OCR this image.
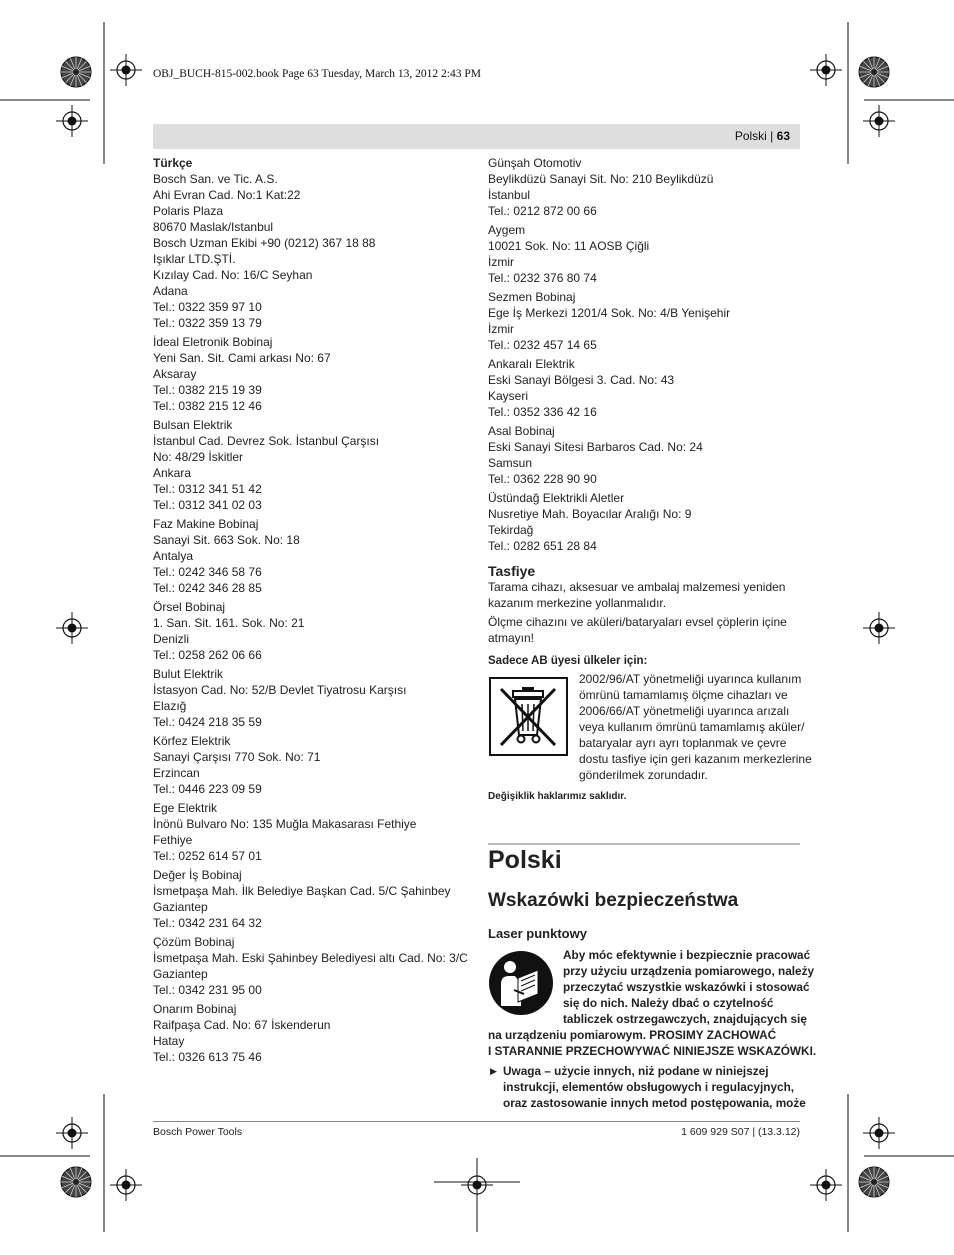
OBJ_BUCH-815-002.book Page 63 Tuesday, March 13, 2012 2:43 PM
Polski | 63

Türkçe

Bosch San. ve Tic. A.S.
Ahi Evran Cad. No:1 Kat:22
Polaris Plaza
80670 Maslak/Istanbul
Bosch Uzman Ekibi +90 (0212) 367 18 88
Işıklar LTD.ŞTİ.
Kızılay Cad. No: 16/C Seyhan
Adana
Tel.: 0322 359 97 10
Tel.: 0322 359 13 79
İdeal Eletronik Bobinaj
Yeni San. Sit. Cami arkası No: 67
Aksaray
Tel.: 0382 215 19 39
Tel.: 0382 215 12 46
Bulsan Elektrik
İstanbul Cad. Devrez Sok. İstanbul Çarşısı
No: 48/29 İskitler
Ankara
Tel.: 0312 341 51 42
Tel.: 0312 341 02 03
Faz Makine Bobinaj
Sanayi Sit. 663 Sok. No: 18
Antalya
Tel.: 0242 346 58 76
Tel.: 0242 346 28 85
Örsel Bobinaj
1. San. Sit. 161. Sok. No: 21
Denizli
Tel.: 0258 262 06 66
Bulut Elektrik
İstasyon Cad. No: 52/B Devlet Tiyatrosu Karşısı
Elazığ
Tel.: 0424 218 35 59
Körfez Elektrik
Sanayi Çarşısı 770 Sok. No: 71
Erzincan
Tel.: 0446 223 09 59
Ege Elektrik
İnönü Bulvaro No: 135 Muğla Makasarası Fethiye
Fethiye
Tel.: 0252 614 57 01
Değer İş Bobinaj
İsmetpaşa Mah. İlk Belediye Başkan Cad. 5/C Şahinbey
Gaziantep
Tel.: 0342 231 64 32
Çözüm Bobinaj
İsmetpaşa Mah. Eski Şahinbey Belediyesi altı Cad. No: 3/C
Gaziantep
Tel.: 0342 231 95 00
Onarım Bobinaj
Raifpaşa Cad. No: 67 İskenderun
Hatay
Tel.: 0326 613 75 46
Günşah Otomotiv
Beylikdüzü Sanayi Sit. No: 210 Beylikdüzü
İstanbul
Tel.: 0212 872 00 66
Aygem
10021 Sok. No: 11 AOSB Çiğli
İzmir
Tel.: 0232 376 80 74
Sezmen Bobinaj
Ege İş Merkezi 1201/4 Sok. No: 4/B Yenişehir
İzmir
Tel.: 0232 457 14 65
Ankaralı Elektrik
Eski Sanayi Bölgesi 3. Cad. No: 43
Kayseri
Tel.: 0352 336 42 16
Asal Bobinaj
Eski Sanayi Sitesi Barbaros Cad. No: 24
Samsun
Tel.: 0362 228 90 90
Üstündağ Elektrikli Aletler
Nusretiye Mah. Boyacılar Aralığı No: 9
Tekirdağ
Tel.: 0282 651 28 84

Tasfiye

Tarama cihazı, aksesuar ve ambalaj malzemesi yeniden
kazanım merkezine yollanmalıdır.

Ölçme cihazını ve aküleri/bataryaları evsel çöplerin içine
atmayın!

Sadece AB üyesi ülkeler için:

2002/96/AT yönetmeliği uyarınca kullanım
ömrünü tamamlamış ölçme cihazları ve
2006/66/AT yönetmeliği uyarınca arızalı
veya kullanım ömrünü tamamlamış aküler/
bataryalar ayrı ayrı toplanmak ve çevre
dostu tasfiye için geri kazanım merkezlerine
gönderilmek zorundadır.

Değişiklik haklarımız saklıdır.

Polski
Wskazówki bezpieczeństwa
Laser punktowy
Aby móc efektywnie i bezpiecznie pracować
przy użyciu urządzenia pomiarowego, należy
przeczytać wszystkie wskazówki i stosować
się do nich. Należy dbać o czytelność
tabliczek ostrzegawczych, znajdujących się
na urządzeniu pomiarowym. PROSIMY ZACHOWAĆ
I STARANNIE PRZECHOWYWAĆ NINIEJSZE WSKAZÓWKI.
▶ Uwaga – użycie innych, niż podane w niniejszej
instrukcji, elementów obsługowych i regulacyjnych,
oraz zastosowanie innych metod postępowania, może
Bosch Power Tools	1 609 929 S07 | (13.3.12)
